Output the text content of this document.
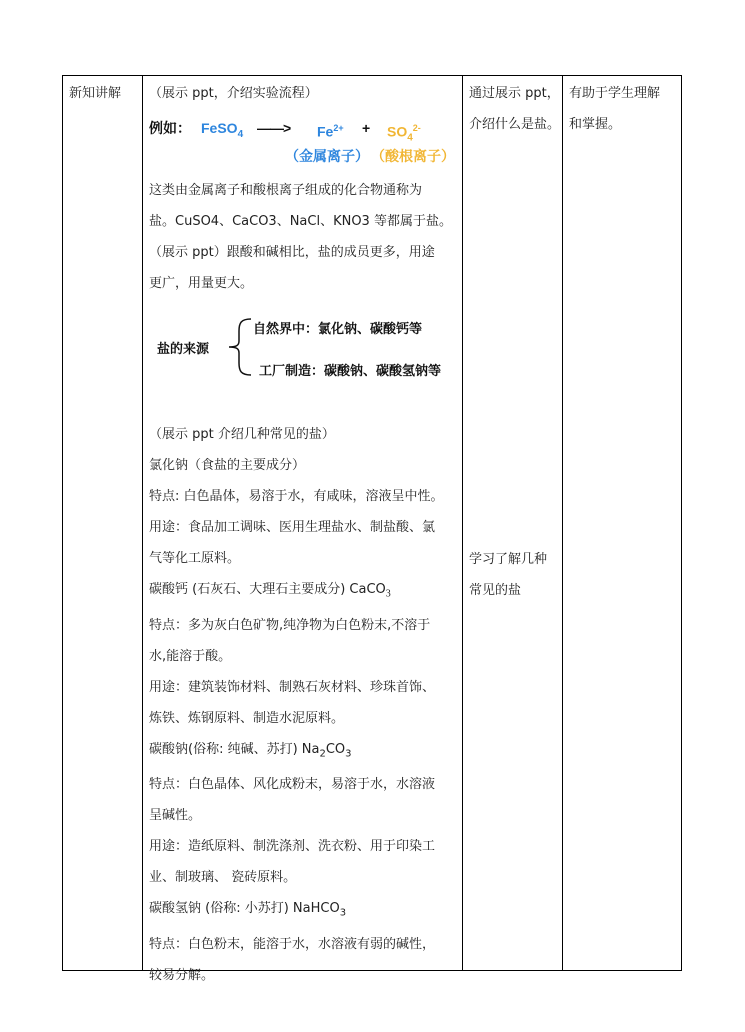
新知讲解 （展示 ppt，介绍实验流程）

例如： FeSO$_4$ ——> $Fe^{2+} + SO_4^{2-}$
（金属离子） （酸根离子）

这类由金属离子和酸根离子组成的化合物通称为

盐。CuSO4、CaCO3、NaCl、KNO3 等都属于盐。

（展示 ppt）跟酸和碱相比，盐的成员更多，用途

更广，用量更大。

盐的来源
自然界中：氯化钠、碳酸钙等
工厂制造：碳酸钠、碳酸氢钠等

（展示 ppt 介绍几种常见的盐）

氯化钠（食盐的主要成分）

特点: 白色晶体，易溶于水，有咸味，溶液呈中性。

用途：食品加工调味、医用生理盐水、制盐酸、氯

气等化工原料。

碳酸钙 (石灰石、大理石主要成分) CaCO$_3$

特点：多为灰白色矿物,纯净物为白色粉末,不溶于

水,能溶于酸。

用途：建筑装饰材料、制熟石灰材料、珍珠首饰、

炼铁、炼钢原料、制造水泥原料。

碳酸钠(俗称: 纯碱、苏打) $Na_2CO_3$

特点：白色晶体、风化成粉末，易溶于水，水溶液

呈碱性。

用途：造纸原料、制洗涤剂、洗衣粉、用于印染工

业、制玻璃、 瓷砖原料。

碳酸氢钠 (俗称: 小苏打) NaHCO$_3$

特点：白色粉末，能溶于水，水溶液有弱的碱性，

较易分解。

通过展示 ppt，
介绍什么是盐。
学习了解几种
常见的盐
有助于学生理解
和掌握。
